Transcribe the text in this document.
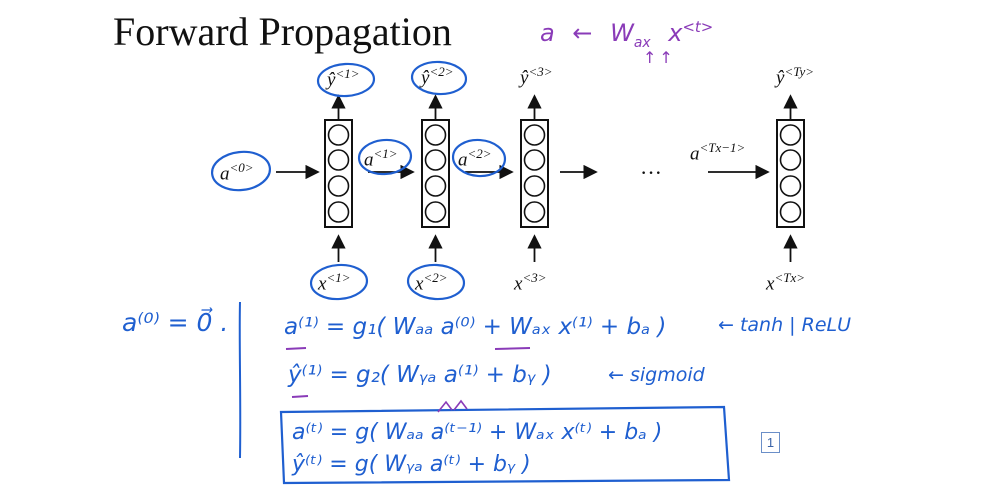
Forward Propagation	a ← $W_{ax}$ $x^{<t>}$
↑↑
$a^{<0>}$	$a^{<1>}$	$a^{<2>}$	$a^{<Tx-1>}$
···
$ŷ^{<1>}$	$ŷ^{<2>}$	$ŷ^{<3>}$	$ŷ^{<Ty>}$
$x^{<1>}$	$x^{<2>}$	$x^{<3>}$	$x^{<Tx>}$
a⁽⁰⁾ = 0⃗ . a⁽¹⁾ = g₁( Wₐₐ a⁽⁰⁾ + Wₐₓ x⁽¹⁾ + bₐ )	← tanh | ReLU
ŷ⁽¹⁾ = g₂( Wᵧₐ a⁽¹⁾ + bᵧ )	← sigmoid
a⁽ᵗ⁾ = g( Wₐₐ a⁽ᵗ⁻¹⁾ + Wₐₓ x⁽ᵗ⁾ + bₐ )
ŷ⁽ᵗ⁾ = g( Wᵧₐ a⁽ᵗ⁾ + bᵧ )
1
